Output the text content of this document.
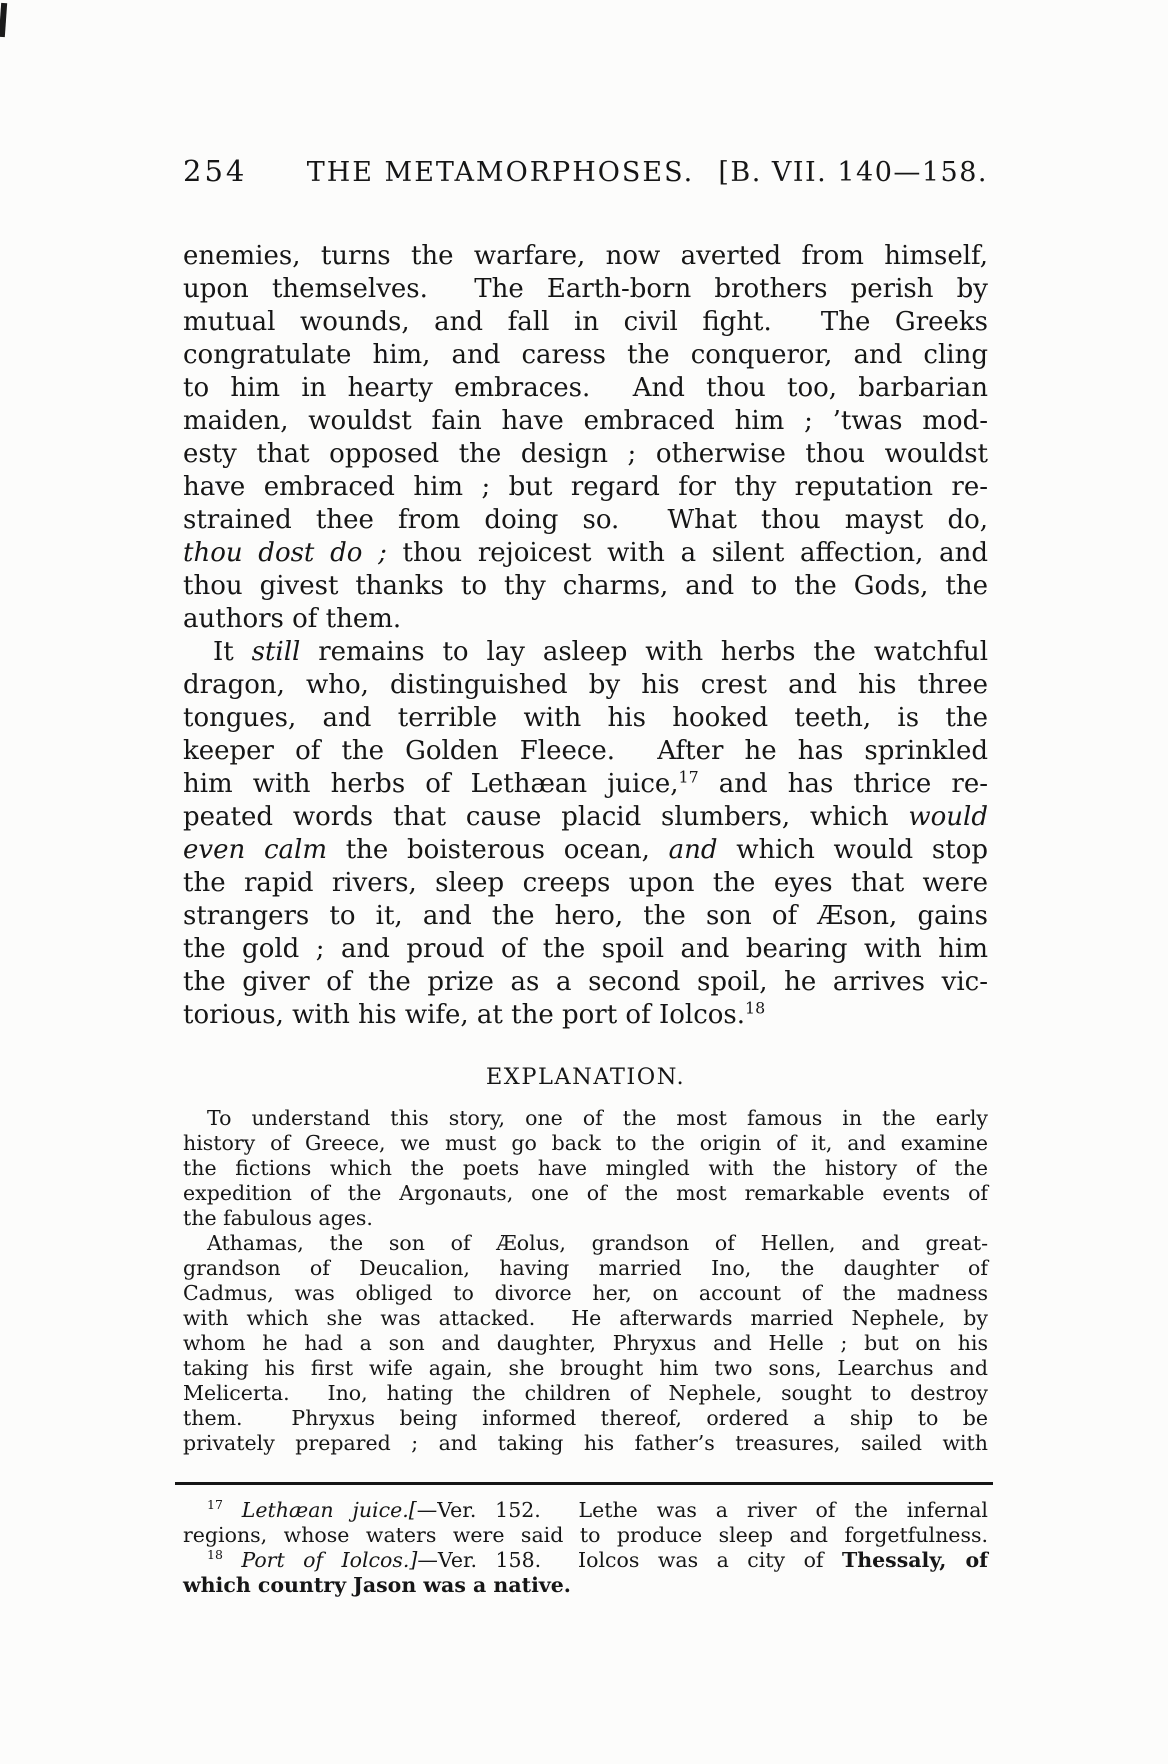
254 THE METAMORPHOSES. [B. VII. 140—158.
enemies, turns the warfare, now averted from himself,
upon themselves.  The Earth-born brothers perish by
mutual wounds, and fall in civil fight.  The Greeks
congratulate him, and caress the conqueror, and cling
to him in hearty embraces.  And thou too, barbarian
maiden, wouldst fain have embraced him ; ’twas mod-
esty that opposed the design ; otherwise thou wouldst
have embraced him ; but regard for thy reputation re-
strained thee from doing so.  What thou mayst do,
thou dost do ; thou rejoicest with a silent affection, and
thou givest thanks to thy charms, and to the Gods, the
authors of them.
It still remains to lay asleep with herbs the watchful
dragon, who, distinguished by his crest and his three
tongues, and terrible with his hooked teeth, is the
keeper of the Golden Fleece.  After he has sprinkled
him with herbs of Lethæan juice,$^{17}$ and has thrice re-
peated words that cause placid slumbers, which would
even calm the boisterous ocean, and which would stop
the rapid rivers, sleep creeps upon the eyes that were
strangers to it, and the hero, the son of Æson, gains
the gold ; and proud of the spoil and bearing with him
the giver of the prize as a second spoil, he arrives vic-
torious, with his wife, at the port of Iolcos.$^{18}$
EXPLANATION.
To understand this story, one of the most famous in the early
history of Greece, we must go back to the origin of it, and examine
the fictions which the poets have mingled with the history of the
expedition of the Argonauts, one of the most remarkable events of
the fabulous ages.
Athamas, the son of Æolus, grandson of Hellen, and great-
grandson of Deucalion, having married Ino, the daughter of
Cadmus, was obliged to divorce her, on account of the madness
with which she was attacked.  He afterwards married Nephele, by
whom he had a son and daughter, Phryxus and Helle ; but on his
taking his first wife again, she brought him two sons, Learchus and
Melicerta.  Ino, hating the children of Nephele, sought to destroy
them.  Phryxus being informed thereof, ordered a ship to be
privately prepared ; and taking his father’s treasures, sailed with
$^{17}$ Lethæan juice.[—Ver. 152.  Lethe was a river of the infernal
regions, whose waters were said to produce sleep and forgetfulness.
$^{18}$ Port of Iolcos.]—Ver. 158.  Iolcos was a city of Thessaly, of
which country Jason was a native.
